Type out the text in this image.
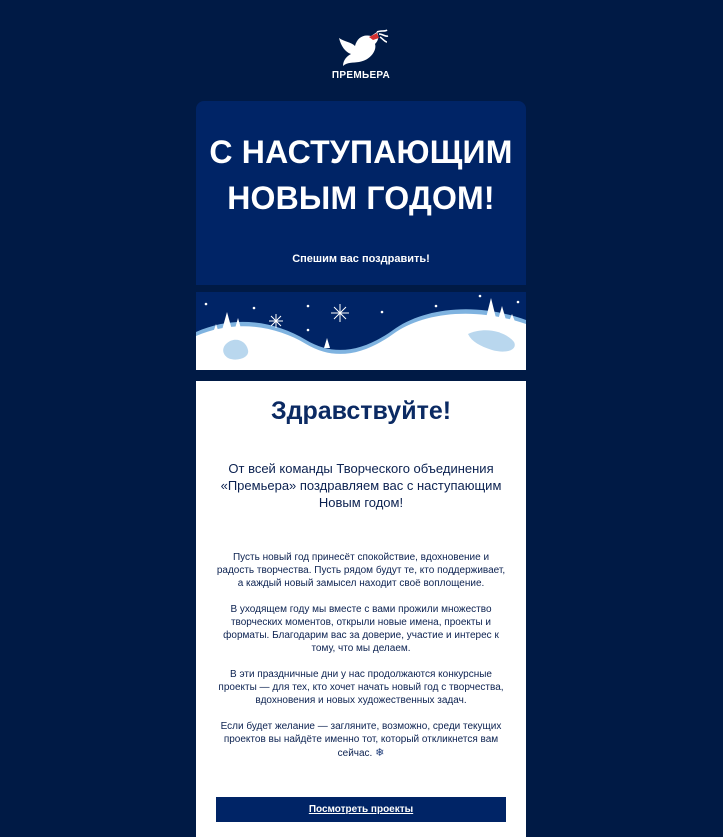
ПРЕМЬЕРА
С НАСТУПАЮЩИМ НОВЫМ ГОДОМ!
Спешим вас поздравить!
Здравствуйте!

От всей команды Творческого объединения «Премьера» поздравляем вас с наступающим Новым годом!

Пусть новый год принесёт спокойствие, вдохновение и радость творчества. Пусть рядом будут те, кто поддерживает, а каждый новый замысел находит своё воплощение.

В уходящем году мы вместе с вами прожили множество творческих моментов, открыли новые имена, проекты и форматы. Благодарим вас за доверие, участие и интерес к тому, что мы делаем.

В эти праздничные дни у нас продолжаются конкурсные проекты — для тех, кто хочет начать новый год с творчества, вдохновения и новых художественных задач.

Если будет желание — загляните, возможно, среди текущих проектов вы найдёте именно тот, который откликнется вам сейчас. ❄

Посмотреть проекты
